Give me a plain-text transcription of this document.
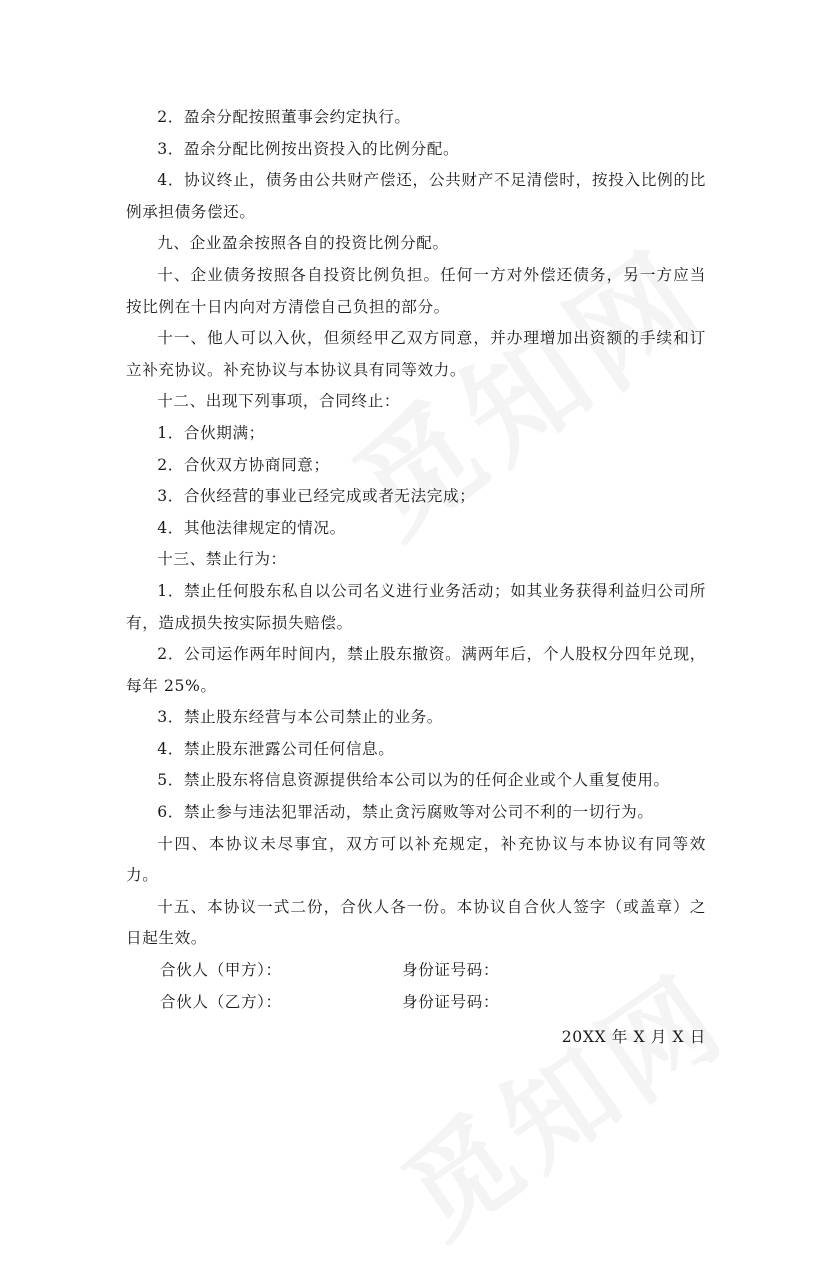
2．盈余分配按照董事会约定执行。

3．盈余分配比例按出资投入的比例分配。

4．协议终止，债务由公共财产偿还，公共财产不足清偿时，按投入比例的比例承担债务偿还。

九、企业盈余按照各自的投资比例分配。

十、企业债务按照各自投资比例负担。任何一方对外偿还债务，另一方应当按比例在十日内向对方清偿自己负担的部分。

十一、他人可以入伙，但须经甲乙双方同意，并办理增加出资额的手续和订立补充协议。补充协议与本协议具有同等效力。

十二、出现下列事项，合同终止：

1．合伙期满；

2．合伙双方协商同意；

3．合伙经营的事业已经完成或者无法完成；

4．其他法律规定的情况。

十三、禁止行为：

1．禁止任何股东私自以公司名义进行业务活动；如其业务获得利益归公司所有，造成损失按实际损失赔偿。

2．公司运作两年时间内，禁止股东撤资。满两年后，个人股权分四年兑现，每年 25%。

3．禁止股东经营与本公司禁止的业务。

4．禁止股东泄露公司任何信息。

5．禁止股东将信息资源提供给本公司以为的任何企业或个人重复使用。

6．禁止参与违法犯罪活动，禁止贪污腐败等对公司不利的一切行为。

十四、本协议未尽事宜，双方可以补充规定，补充协议与本协议有同等效力。

十五、本协议一式二份，合伙人各一份。本协议自合伙人签字（或盖章）之日起生效。

合伙人（甲方）：	身份证号码：
合伙人（乙方）：	身份证号码：
20XX 年 X 月 X 日
